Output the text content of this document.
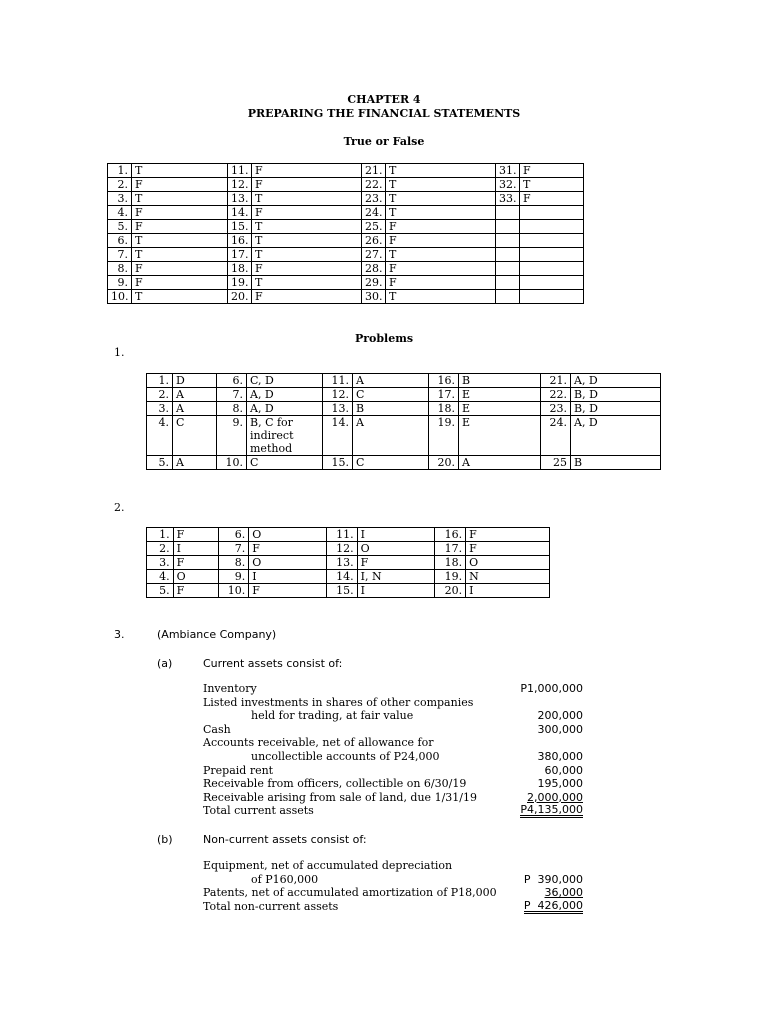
CHAPTER 4
PREPARING THE FINANCIAL STATEMENTS
True or False
1.	T	11.	F	21.	T	31.	F
2.	F	12.	F	22.	T	32.	T
3.	T	13.	T	23.	T	33.	F
4.	F	14.	F	24.	T		
5.	F	15.	T	25.	F		
6.	T	16.	T	26.	F		
7.	T	17.	T	27.	T		
8.	F	18.	F	28.	F		
9.	F	19.	T	29.	F		
10.	T	20.	F	30.	T		
Problems
1.
1.	D	6.	C, D	11.	A	16.	B	21.	A, D
2.	A	7.	A, D	12.	C	17.	E	22.	B, D
3.	A	8.	A, D	13.	B	18.	E	23.	B, D
4.	C	9.	B, C for indirect method	14.	A	19.	E	24.	A, D
5.	A	10.	C	15.	C	20.	A	25	B
2.
1.	F	6.	O	11.	I	16.	F
2.	I	7.	F	12.	O	17.	F
3.	F	8.	O	13.	F	18.	O
4.	O	9.	I	14.	I, N	19.	N
5.	F	10.	F	15.	I	20.	I
3.	(Ambiance Company)
(a)	Current assets consist of:
Inventory	P1,000,000
Listed investments in shares of other companies
held for trading, at fair value	200,000
Cash	300,000
Accounts receivable, net of allowance for
uncollectible accounts of P24,000	380,000
Prepaid rent	60,000
Receivable from officers, collectible on 6/30/19	195,000
Receivable arising from sale of land, due 1/31/19	2,000,000
Total current assets	P4,135,000
(b)	Non-current assets consist of:
Equipment, net of accumulated depreciation
of P160,000	P  390,000
Patents, net of accumulated amortization of P18,000	36,000
Total non-current assets	P  426,000
